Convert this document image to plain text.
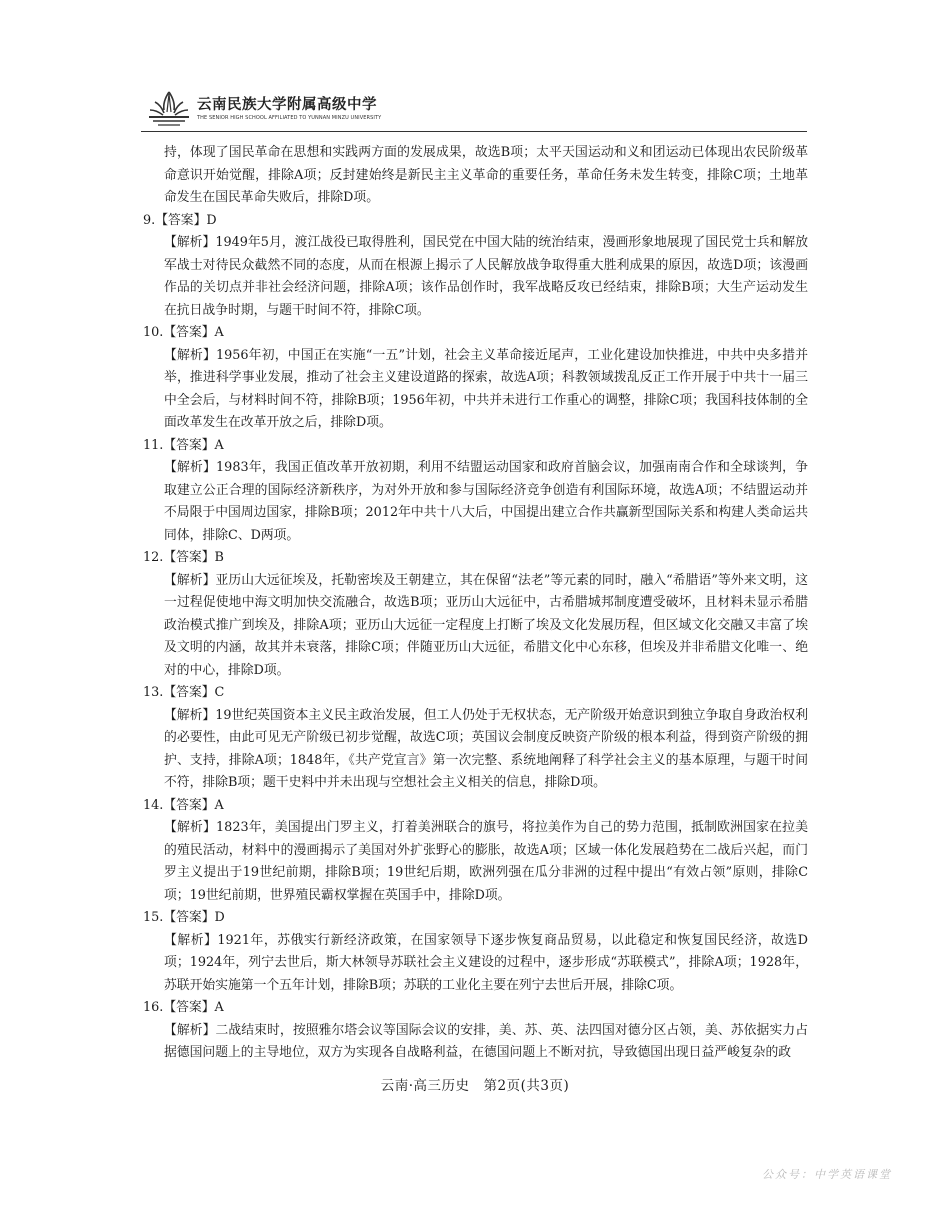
云南民族大学附属高级中学
THE SENIOR HIGH SCHOOL AFFILIATED TO YUNNAN MINZU UNIVERSITY

持，体现了国民革命在思想和实践两方面的发展成果，故选B项；太平天国运动和义和团运动已体现出农民阶级革命意识开始觉醒，排除A项；反封建始终是新民主主义革命的重要任务，革命任务未发生转变，排除C项；土地革命发生在国民革命失败后，排除D项。

9.【答案】D

【解析】1949年5月，渡江战役已取得胜利，国民党在中国大陆的统治结束，漫画形象地展现了国民党士兵和解放军战士对待民众截然不同的态度，从而在根源上揭示了人民解放战争取得重大胜利成果的原因，故选D项；该漫画作品的关切点并非社会经济问题，排除A项；该作品创作时，我军战略反攻已经结束，排除B项；大生产运动发生在抗日战争时期，与题干时间不符，排除C项。

10.【答案】A

【解析】1956年初，中国正在实施“一五”计划，社会主义革命接近尾声，工业化建设加快推进，中共中央多措并举，推进科学事业发展，推动了社会主义建设道路的探索，故选A项；科教领域拨乱反正工作开展于中共十一届三中全会后，与材料时间不符，排除B项；1956年初，中共并未进行工作重心的调整，排除C项；我国科技体制的全面改革发生在改革开放之后，排除D项。

11.【答案】A

【解析】1983年，我国正值改革开放初期，利用不结盟运动国家和政府首脑会议，加强南南合作和全球谈判，争取建立公正合理的国际经济新秩序，为对外开放和参与国际经济竞争创造有利国际环境，故选A项；不结盟运动并不局限于中国周边国家，排除B项；2012年中共十八大后，中国提出建立合作共赢新型国际关系和构建人类命运共同体，排除C、D两项。

12.【答案】B

【解析】亚历山大远征埃及，托勒密埃及王朝建立，其在保留“法老”等元素的同时，融入“希腊语”等外来文明，这一过程促使地中海文明加快交流融合，故选B项；亚历山大远征中，古希腊城邦制度遭受破坏，且材料未显示希腊政治模式推广到埃及，排除A项；亚历山大远征一定程度上打断了埃及文化发展历程，但区域文化交融又丰富了埃及文明的内涵，故其并未衰落，排除C项；伴随亚历山大远征，希腊文化中心东移，但埃及并非希腊文化唯一、绝对的中心，排除D项。

13.【答案】C

【解析】19世纪英国资本主义民主政治发展，但工人仍处于无权状态，无产阶级开始意识到独立争取自身政治权利的必要性，由此可见无产阶级已初步觉醒，故选C项；英国议会制度反映资产阶级的根本利益，得到资产阶级的拥护、支持，排除A项；1848年，《共产党宣言》第一次完整、系统地阐释了科学社会主义的基本原理，与题干时间不符，排除B项；题干史料中并未出现与空想社会主义相关的信息，排除D项。

14.【答案】A

【解析】1823年，美国提出门罗主义，打着美洲联合的旗号，将拉美作为自己的势力范围，抵制欧洲国家在拉美的殖民活动，材料中的漫画揭示了美国对外扩张野心的膨胀，故选A项；区域一体化发展趋势在二战后兴起，而门罗主义提出于19世纪前期，排除B项；19世纪后期，欧洲列强在瓜分非洲的过程中提出“有效占领”原则，排除C项；19世纪前期，世界殖民霸权掌握在英国手中，排除D项。

15.【答案】D

【解析】1921年，苏俄实行新经济政策，在国家领导下逐步恢复商品贸易，以此稳定和恢复国民经济，故选D项；1924年，列宁去世后，斯大林领导苏联社会主义建设的过程中，逐步形成“苏联模式”，排除A项；1928年，苏联开始实施第一个五年计划，排除B项；苏联的工业化主要在列宁去世后开展，排除C项。

16.【答案】A

【解析】二战结束时，按照雅尔塔会议等国际会议的安排，美、苏、英、法四国对德分区占领，美、苏依据实力占据德国问题上的主导地位，双方为实现各自战略利益，在德国问题上不断对抗，导致德国出现日益严峻复杂的政

云南·高三历史　第2页(共3页)
公众号：中学英语课堂
